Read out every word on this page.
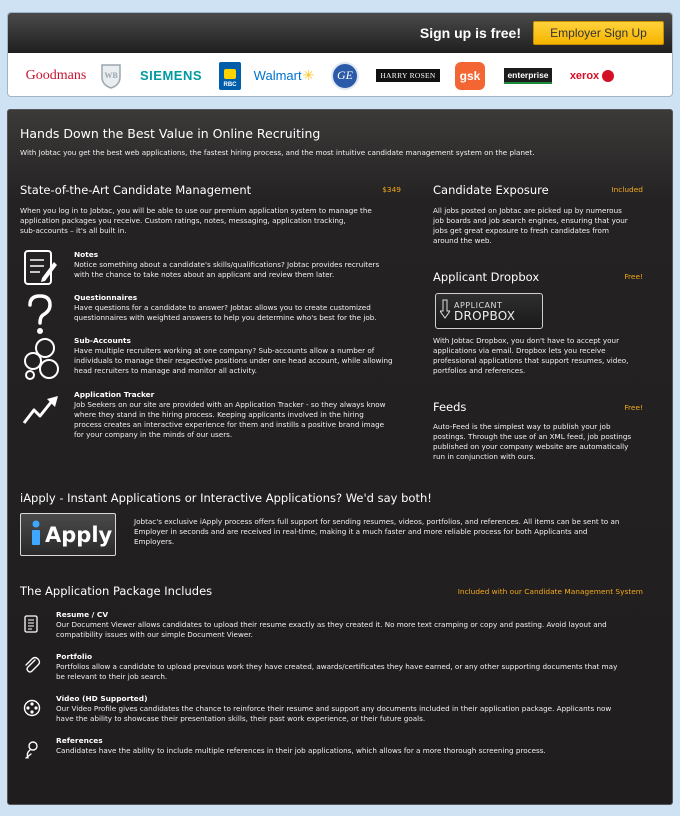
Sign up is free!	Employer Sign Up
Goodmans WB SIEMENS
RBC
Walmart ✳ GE	HARRY ROSEN	gsk	enterprise xerox
Hands Down the Best Value in Online Recruiting
With Jobtac you get the best web applications, the fastest hiring process, and the most intuitive candidate management system on the planet.
State-of-the-Art Candidate Management	$349
When you log in to Jobtac, you will be able to use our premium application system to manage the
application packages you receive. Custom ratings, notes, messaging, application tracking,
sub-accounts – it's all built in.
Notes
Notice something about a candidate's skills/qualifications? Jobtac provides recruiters
with the chance to take notes about an applicant and review them later.
Questionnaires
Have questions for a candidate to answer? Jobtac allows you to create customized
questionnaires with weighted answers to help you determine who's best for the job.
Sub-Accounts
Have multiple recruiters working at one company? Sub-accounts allow a number of
individuals to manage their respective positions under one head account, while allowing
head recruiters to manage and monitor all activity.
Application Tracker
Job Seekers on our site are provided with an Application Tracker - so they always know
where they stand in the hiring process. Keeping applicants involved in the hiring
process creates an interactive experience for them and instills a positive brand image
for your company in the minds of our users.
Candidate Exposure	Included
All jobs posted on Jobtac are picked up by numerous
job boards and job search engines, ensuring that your
jobs get great exposure to fresh candidates from
around the web.
Applicant Dropbox	Free!
APPLICANT
DROPBOX
With Jobtac Dropbox, you don't have to accept your
applications via email. Dropbox lets you receive
professional applications that support resumes, video,
portfolios and references.
Feeds	Free!
Auto-Feed is the simplest way to publish your job
postings. Through the use of an XML feed, job postings
published on your company website are automatically
run in conjunction with ours.
iApply - Instant Applications or Interactive Applications? We'd say both!
Apply
Jobtac's exclusive iApply process offers full support for sending resumes, videos, portfolios, and references. All items can be sent to an
Employer in seconds and are received in real-time, making it a much faster and more reliable process for both Applicants and
Employers.
The Application Package Includes	Included with our Candidate Management System
Resume / CV
Our Document Viewer allows candidates to upload their resume exactly as they created it. No more text cramping or copy and pasting. Avoid layout and
compatibility issues with our simple Document Viewer.
Portfolio
Portfolios allow a candidate to upload previous work they have created, awards/certificates they have earned, or any other supporting documents that may
be relevant to their job search.
Video (HD Supported)
Our Video Profile gives candidates the chance to reinforce their resume and support any documents included in their application package. Applicants now
have the ability to showcase their presentation skills, their past work experience, or their future goals.
References
Candidates have the ability to include multiple references in their job applications, which allows for a more thorough screening process.
